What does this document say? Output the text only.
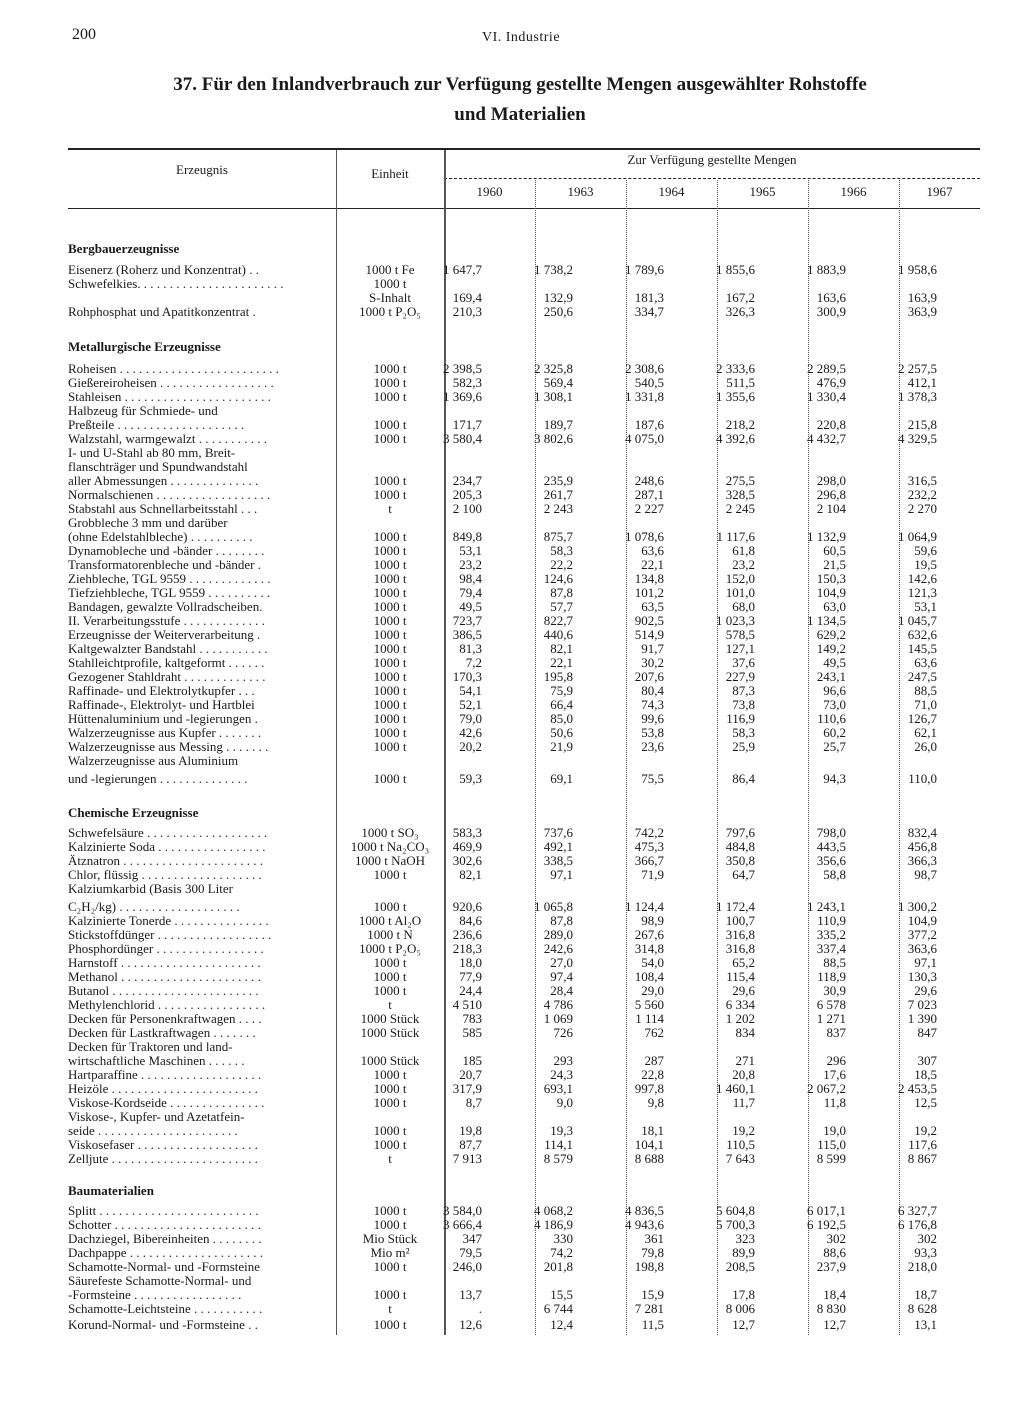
200	VI. Industrie
37. Für den Inlandverbrauch zur Verfügung gestellte Mengen ausgewählter Rohstoffe
und Materialien
Erzeugnis	Einheit
Zur Verfügung gestellte Mengen
1960	1963	1964	1965	1966	1967
Bergbauerzeugnisse
Eisenerz (Roherz und Konzentrat) . .	1000 t Fe	1 647,7	1 738,2	1 789,6	1 855,6	1 883,9	1 958,6
Schwefelkies. . . . . . . . . . . . . . . . . . . . . . .	1000 t
S-Inhalt	169,4	132,9	181,3	167,2	163,6	163,9
Rohphosphat und Apatitkonzentrat .	1000 t P₂O₅	210,3	250,6	334,7	326,3	300,9	363,9
Metallurgische Erzeugnisse
Roheisen . . . . . . . . . . . . . . . . . . . . . . . . .	1000 t	2 398,5	2 325,8	2 308,6	2 333,6	2 289,5	2 257,5
Gießereiroheisen . . . . . . . . . . . . . . . . . .	1000 t	582,3	569,4	540,5	511,5	476,9	412,1
Stahleisen . . . . . . . . . . . . . . . . . . . . . . .	1000 t	1 369,6	1 308,1	1 331,8	1 355,6	1 330,4	1 378,3
Halbzeug für Schmiede- und
Preßteile . . . . . . . . . . . . . . . . . . . .	1000 t	171,7	189,7	187,6	218,2	220,8	215,8
Walzstahl, warmgewalzt . . . . . . . . . . .	1000 t	3 580,4	3 802,6	4 075,0	4 392,6	4 432,7	4 329,5
I- und U-Stahl ab 80 mm, Breit-
flanschträger und Spundwandstahl
aller Abmessungen . . . . . . . . . . . . . .	1000 t	234,7	235,9	248,6	275,5	298,0	316,5
Normalschienen . . . . . . . . . . . . . . . . . .	1000 t	205,3	261,7	287,1	328,5	296,8	232,2
Stabstahl aus Schnellarbeitsstahl . . .	t	2 100	2 243	2 227	2 245	2 104	2 270
Grobbleche 3 mm und darüber
(ohne Edelstahlbleche) . . . . . . . . . .	1000 t	849,8	875,7	1 078,6	1 117,6	1 132,9	1 064,9
Dynamobleche und -bänder . . . . . . . .	1000 t	53,1	58,3	63,6	61,8	60,5	59,6
Transformatorenbleche und -bänder .	1000 t	23,2	22,2	22,1	23,2	21,5	19,5
Ziehbleche, TGL 9559 . . . . . . . . . . . . .	1000 t	98,4	124,6	134,8	152,0	150,3	142,6
Tiefziehbleche, TGL 9559 . . . . . . . . . .	1000 t	79,4	87,8	101,2	101,0	104,9	121,3
Bandagen, gewalzte Vollradscheiben.	1000 t	49,5	57,7	63,5	68,0	63,0	53,1
II. Verarbeitungsstufe . . . . . . . . . . . . .	1000 t	723,7	822,7	902,5	1 023,3	1 134,5	1 045,7
Erzeugnisse der Weiterverarbeitung .	1000 t	386,5	440,6	514,9	578,5	629,2	632,6
Kaltgewalzter Bandstahl . . . . . . . . . . .	1000 t	81,3	82,1	91,7	127,1	149,2	145,5
Stahlleichtprofile, kaltgeformt . . . . . .	1000 t	7,2	22,1	30,2	37,6	49,5	63,6
Gezogener Stahldraht . . . . . . . . . . . . .	1000 t	170,3	195,8	207,6	227,9	243,1	247,5
Raffinade- und Elektrolytkupfer . . .	1000 t	54,1	75,9	80,4	87,3	96,6	88,5
Raffinade-, Elektrolyt- und Hartblei	1000 t	52,1	66,4	74,3	73,8	73,0	71,0
Hüttenaluminium und -legierungen .	1000 t	79,0	85,0	99,6	116,9	110,6	126,7
Walzerzeugnisse aus Kupfer . . . . . . .	1000 t	42,6	50,6	53,8	58,3	60,2	62,1
Walzerzeugnisse aus Messing . . . . . . .	1000 t	20,2	21,9	23,6	25,9	25,7	26,0
Walzerzeugnisse aus Aluminium
und -legierungen . . . . . . . . . . . . . .	1000 t	59,3	69,1	75,5	86,4	94,3	110,0
Chemische Erzeugnisse
Schwefelsäure . . . . . . . . . . . . . . . . . . .	1000 t SO₃	583,3	737,6	742,2	797,6	798,0	832,4
Kalzinierte Soda . . . . . . . . . . . . . . . . .	1000 t Na₂CO₃	469,9	492,1	475,3	484,8	443,5	456,8
Ätznatron . . . . . . . . . . . . . . . . . . . . . .	1000 t NaOH	302,6	338,5	366,7	350,8	356,6	366,3
Chlor, flüssig . . . . . . . . . . . . . . . . . . .	1000 t	82,1	97,1	71,9	64,7	58,8	98,7
Kalziumkarbid (Basis 300 Liter
C₂H₂/kg) . . . . . . . . . . . . . . . . . . .	1000 t	920,6	1 065,8	1 124,4	1 172,4	1 243,1	1 300,2
Kalzinierte Tonerde . . . . . . . . . . . . . . .	1000 t Al₂O	84,6	87,8	98,9	100,7	110,9	104,9
Stickstoffdünger . . . . . . . . . . . . . . . . . .	1000 t N	236,6	289,0	267,6	316,8	335,2	377,2
Phosphordünger . . . . . . . . . . . . . . . . .	1000 t P₂O₅	218,3	242,6	314,8	316,8	337,4	363,6
Harnstoff . . . . . . . . . . . . . . . . . . . . . .	1000 t	18,0	27,0	54,0	65,2	88,5	97,1
Methanol . . . . . . . . . . . . . . . . . . . . . .	1000 t	77,9	97,4	108,4	115,4	118,9	130,3
Butanol . . . . . . . . . . . . . . . . . . . . . . .	1000 t	24,4	28,4	29,0	29,6	30,9	29,6
Methylenchlorid . . . . . . . . . . . . . . . . .	t	4 510	4 786	5 560	6 334	6 578	7 023
Decken für Personenkraftwagen . . . .	1000 Stück	783	1 069	1 114	1 202	1 271	1 390
Decken für Lastkraftwagen . . . . . . .	1000 Stück	585	726	762	834	837	847
Decken für Traktoren und land-
wirtschaftliche Maschinen . . . . . .	1000 Stück	185	293	287	271	296	307
Hartparaffine . . . . . . . . . . . . . . . . . . .	1000 t	20,7	24,3	22,8	20,8	17,6	18,5
Heizöle . . . . . . . . . . . . . . . . . . . . . . .	1000 t	317,9	693,1	997,8	1 460,1	2 067,2	2 453,5
Viskose-Kordseide . . . . . . . . . . . . . . .	1000 t	8,7	9,0	9,8	11,7	11,8	12,5
Viskose-, Kupfer- und Azetatfein-
seide . . . . . . . . . . . . . . . . . . . . . .	1000 t	19,8	19,3	18,1	19,2	19,0	19,2
Viskosefaser . . . . . . . . . . . . . . . . . . .	1000 t	87,7	114,1	104,1	110,5	115,0	117,6
Zelljute . . . . . . . . . . . . . . . . . . . . . . .	t	7 913	8 579	8 688	7 643	8 599	8 867
Baumaterialien
Splitt . . . . . . . . . . . . . . . . . . . . . . . . .	1000 t	3 584,0	4 068,2	4 836,5	5 604,8	6 017,1	6 327,7
Schotter . . . . . . . . . . . . . . . . . . . . . . .	1000 t	3 666,4	4 186,9	4 943,6	5 700,3	6 192,5	6 176,8
Dachziegel, Bibereinheiten . . . . . . . .	Mio Stück	347	330	361	323	302	302
Dachpappe . . . . . . . . . . . . . . . . . . . . .	Mio m²	79,5	74,2	79,8	89,9	88,6	93,3
Schamotte-Normal- und -Formsteine	1000 t	246,0	201,8	198,8	208,5	237,9	218,0
Säurefeste Schamotte-Normal- und
-Formsteine . . . . . . . . . . . . . . . . .	1000 t	13,7	15,5	15,9	17,8	18,4	18,7
Schamotte-Leichtsteine . . . . . . . . . . .	t	.	6 744	7 281	8 006	8 830	8 628
Korund-Normal- und -Formsteine . .	1000 t	12,6	12,4	11,5	12,7	12,7	13,1
